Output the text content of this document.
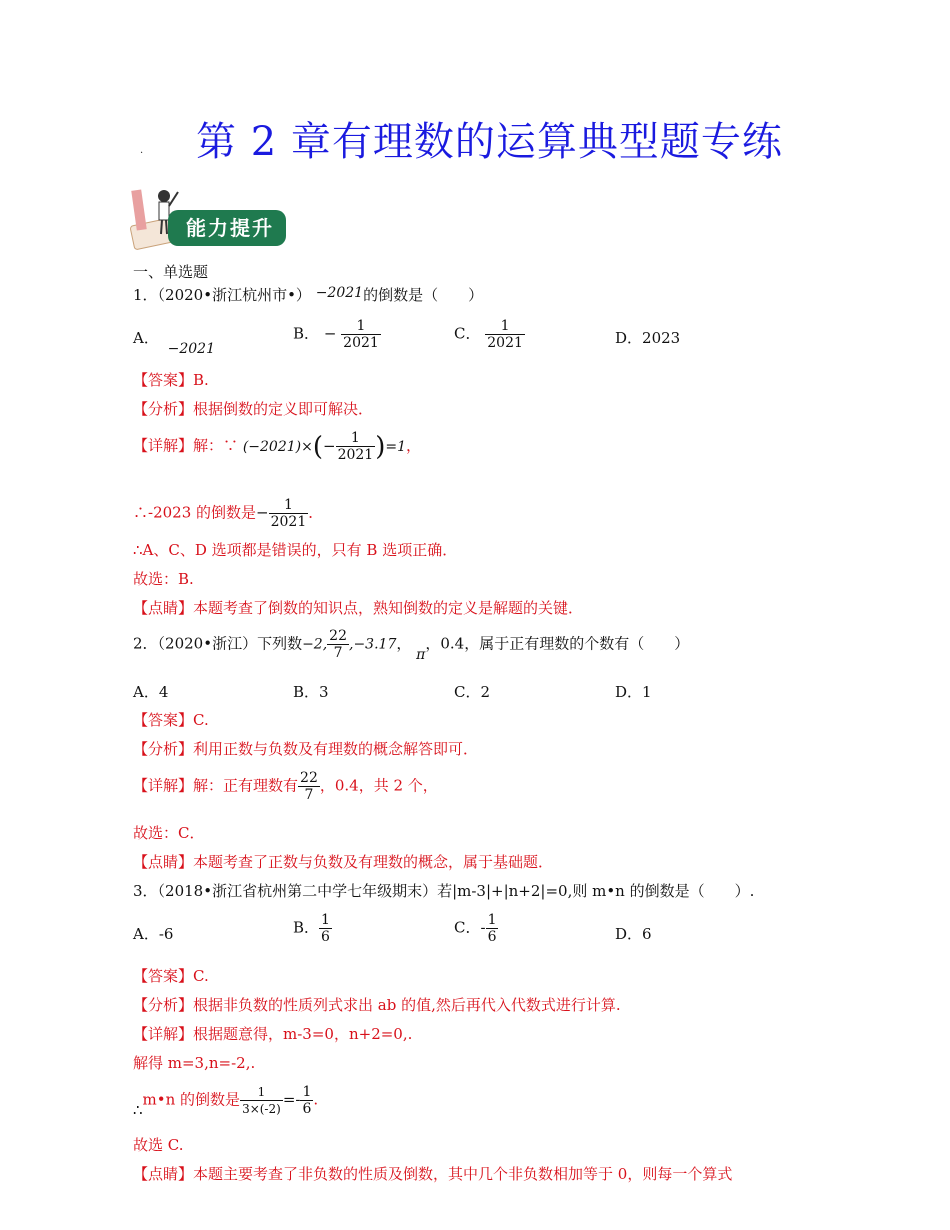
第 2 章有理数的运算典型题专练
·
能力提升
一、单选题
1．（2020•浙江杭州市•） −2021的倒数是（　　）
A． −2021
B． − $\frac{1}{2021}$	C． $\frac{1}{2021}$	D．2023
【答案】B.
【分析】根据倒数的定义即可解决．
【详解】解：∵ $(-2021)\times(- \frac{1}{2021} )=1$，
∴-2023 的倒数是− $\frac{1}{2021}$ ．
∴A、C、D 选项都是错误的，只有 B 选项正确．
故选：B.
【点睛】本题考查了倒数的知识点，熟知倒数的定义是解题的关键．
2．（2020•浙江）下列数−2, $\frac{22}{7} ,-3.17$， π，0.4，属于正有理数的个数有（　　）
A．4	B．3	C．2	D．1
【答案】C.
【分析】利用正数与负数及有理数的概念解答即可．
【详解】解：正有理数有 $\frac{22}{7}$ ，0.4，共 2 个，
故选：C．
【点睛】本题考查了正数与负数及有理数的概念，属于基础题．
3．（2018•浙江省杭州第二中学七年级期末）若|m-3|+|n+2|=0,则 m•n 的倒数是（　　）.
A．-6	B． $\frac{1}{6}$	C．- $\frac{1}{6}$	D．6
【答案】C.
【分析】根据非负数的性质列式求出 ab 的值,然后再代入代数式进行计算.
【详解】根据题意得，m-3=0，n+2=0,.
解得 m=3,n=-2,.
∴m•n 的倒数是 $\frac{1}{3\times(-2)} =- \frac{1}{6}$ .
故选 C.
【点睛】本题主要考查了非负数的性质及倒数，其中几个非负数相加等于 0，则每一个算式
